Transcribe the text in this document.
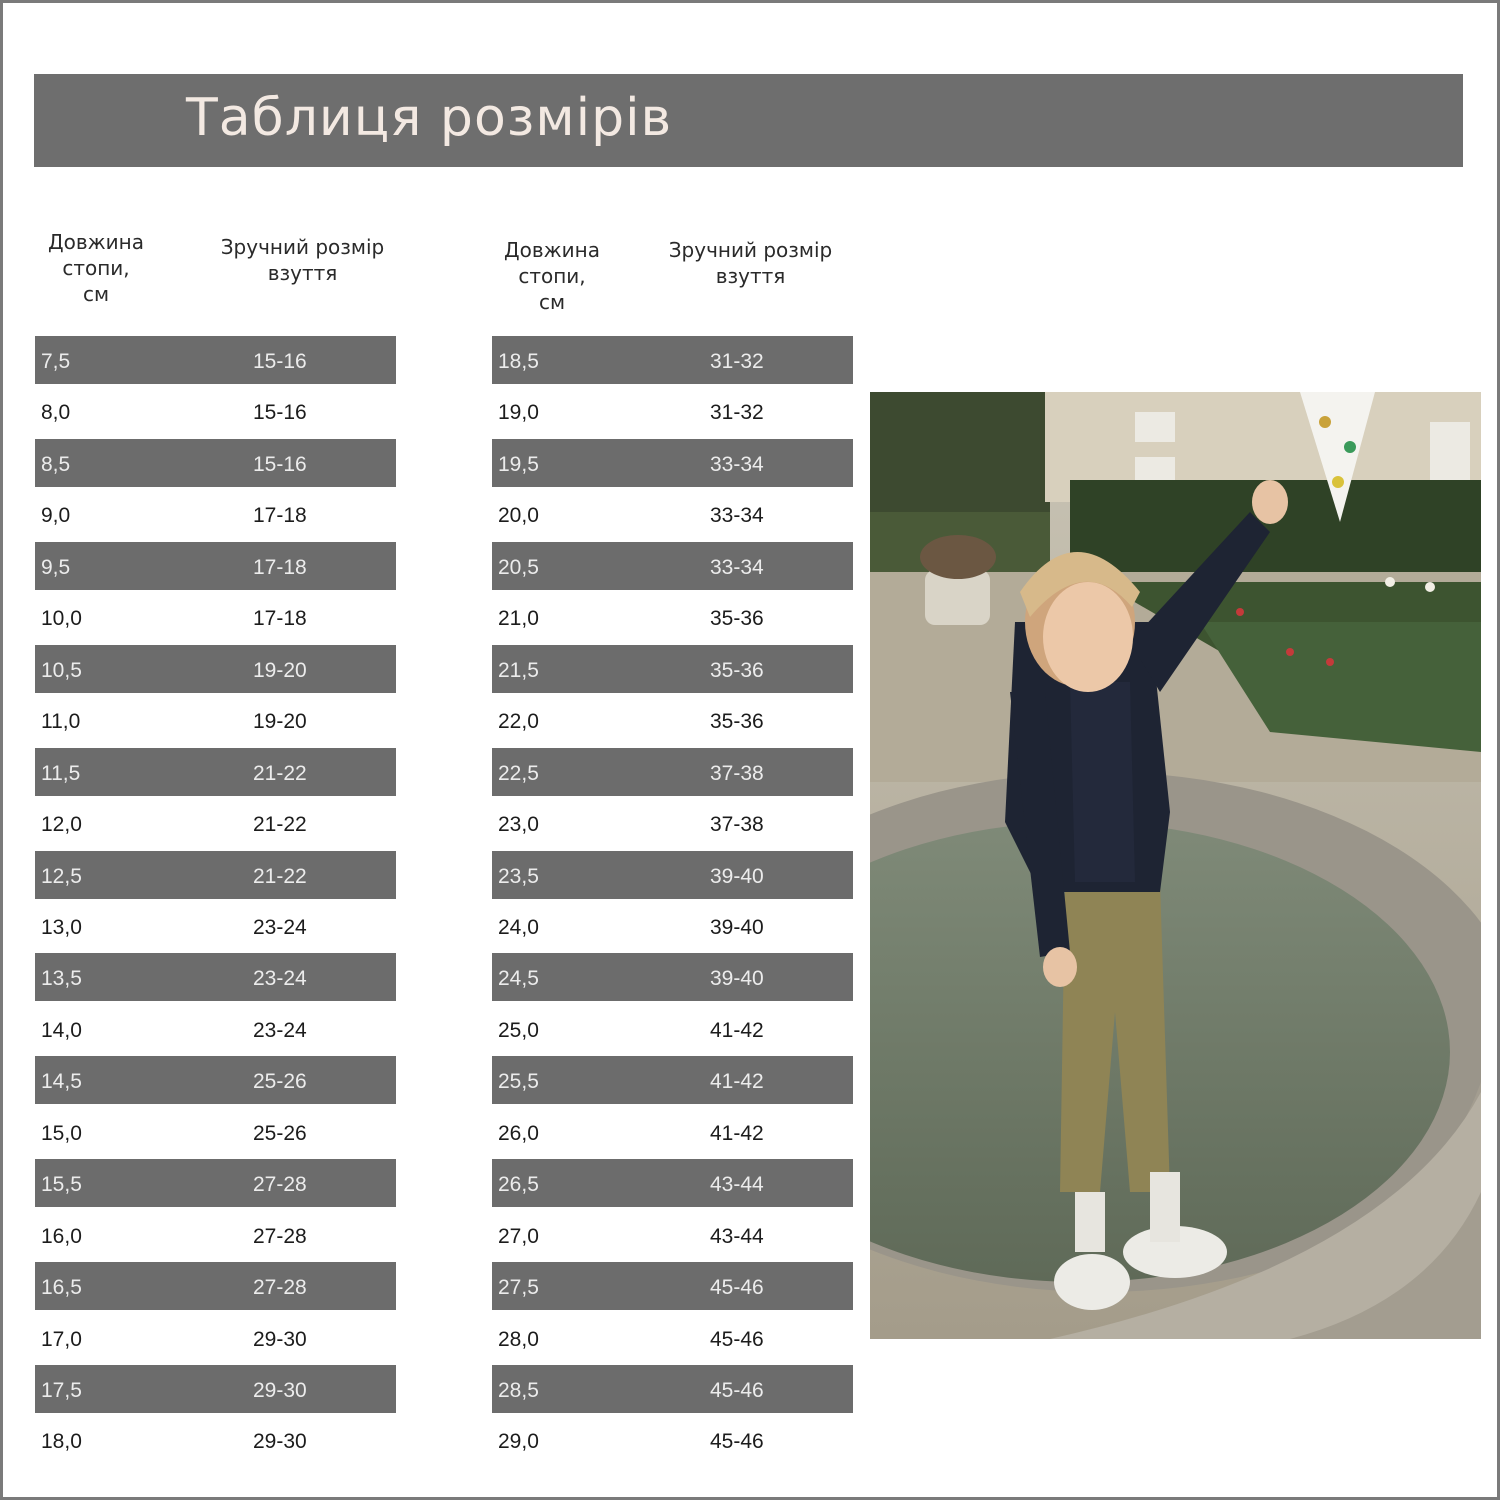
Таблиця розмірів
Довжина
стопи,
см
Зручний розмір
взуття
Довжина
стопи,
см
Зручний розмір
взуття
7,5	15-16
8,0	15-16
8,5	15-16
9,0	17-18
9,5	17-18
10,0	17-18
10,5	19-20
11,0	19-20
11,5	21-22
12,0	21-22
12,5	21-22
13,0	23-24
13,5	23-24
14,0	23-24
14,5	25-26
15,0	25-26
15,5	27-28
16,0	27-28
16,5	27-28
17,0	29-30
17,5	29-30
18,0	29-30
18,5	31-32
19,0	31-32
19,5	33-34
20,0	33-34
20,5	33-34
21,0	35-36
21,5	35-36
22,0	35-36
22,5	37-38
23,0	37-38
23,5	39-40
24,0	39-40
24,5	39-40
25,0	41-42
25,5	41-42
26,0	41-42
26,5	43-44
27,0	43-44
27,5	45-46
28,0	45-46
28,5	45-46
29,0	45-46
